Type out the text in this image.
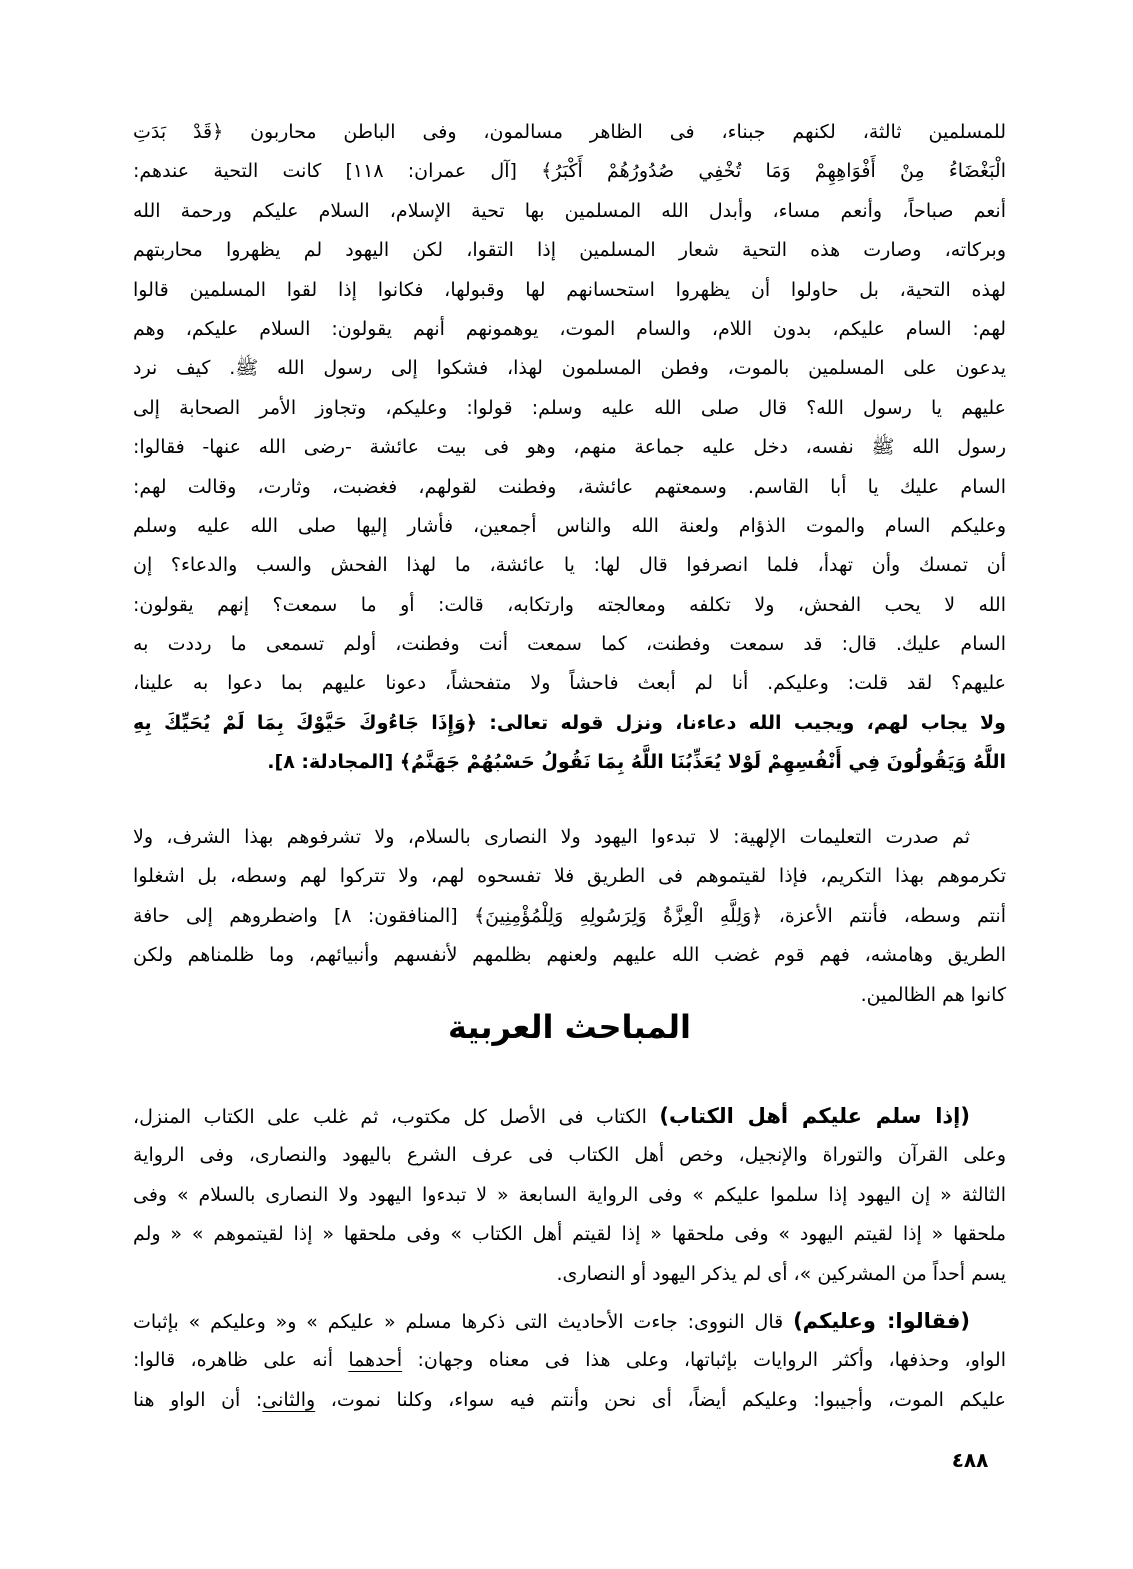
للمسلمين ثالثة، لكنهم جبناء، فى الظاهر مسالمون، وفى الباطن محاربون ﴿قَدْ بَدَتِ
الْبَغْضَاءُ مِنْ أَفْوَاهِهِمْ وَمَا تُخْفِي صُدُورُهُمْ أَكْبَرُ﴾ [آل عمران: ١١٨] كانت التحية عندهم:
أنعم صباحاً، وأنعم مساء، وأبدل الله المسلمين بها تحية الإسلام، السلام عليكم ورحمة الله
وبركاته، وصارت هذه التحية شعار المسلمين إذا التقوا، لكن اليهود لم يظهروا محاربتهم
لهذه التحية، بل حاولوا أن يظهروا استحسانهم لها وقبولها، فكانوا إذا لقوا المسلمين قالوا
لهم: السام عليكم، بدون اللام، والسام الموت، يوهمونهم أنهم يقولون: السلام عليكم، وهم
يدعون على المسلمين بالموت، وفطن المسلمون لهذا، فشكوا إلى رسول الله ﷺ. كيف نرد
عليهم يا رسول الله؟ قال صلى الله عليه وسلم: قولوا: وعليكم، وتجاوز الأمر الصحابة إلى
رسول الله ﷺ نفسه، دخل عليه جماعة منهم، وهو فى بيت عائشة -رضى الله عنها- فقالوا:
السام عليك يا أبا القاسم. وسمعتهم عائشة، وفطنت لقولهم، فغضبت، وثارت، وقالت لهم:
وعليكم السام والموت الذؤام ولعنة الله والناس أجمعين، فأشار إليها صلى الله عليه وسلم
أن تمسك وأن تهدأ، فلما انصرفوا قال لها: يا عائشة، ما لهذا الفحش والسب والدعاء؟ إن
الله لا يحب الفحش، ولا تكلفه ومعالجته وارتكابه، قالت: أو ما سمعت؟ إنهم يقولون:
السام عليك. قال: قد سمعت وفطنت، كما سمعت أنت وفطنت، أولم تسمعى ما رددت به
عليهم؟ لقد قلت: وعليكم. أنا لم أبعث فاحشاً ولا متفحشاً، دعونا عليهم بما دعوا به علينا،
ولا يجاب لهم، ويجيب الله دعاءنا، ونزل قوله تعالى: ﴿وَإِذَا جَاءُوكَ حَيَّوْكَ بِمَا لَمْ يُحَيِّكَ بِهِ
اللَّهُ وَيَقُولُونَ فِي أَنْفُسِهِمْ لَوْلا يُعَذِّبُنَا اللَّهُ بِمَا نَقُولُ حَسْبُهُمْ جَهَنَّمُ﴾ [المجادلة: ٨].
ثم صدرت التعليمات الإلهية: لا تبدءوا اليهود ولا النصارى بالسلام، ولا تشرفوهم بهذا الشرف، ولا
تكرموهم بهذا التكريم، فإذا لقيتموهم فى الطريق فلا تفسحوه لهم، ولا تتركوا لهم وسطه، بل اشغلوا
أنتم وسطه، فأنتم الأعزة، ﴿وَلِلَّهِ الْعِزَّةُ وَلِرَسُولِهِ وَلِلْمُؤْمِنِينَ﴾ [المنافقون: ٨] واضطروهم إلى حافة
الطريق وهامشه، فهم قوم غضب الله عليهم ولعنهم بظلمهم لأنفسهم وأنبيائهم، وما ظلمناهم ولكن
كانوا هم الظالمين.
المباحث العربية
(إذا سلم عليكم أهل الكتاب) الكتاب فى الأصل كل مكتوب، ثم غلب على الكتاب المنزل،
وعلى القرآن والتوراة والإنجيل، وخص أهل الكتاب فى عرف الشرع باليهود والنصارى، وفى الرواية
الثالثة « إن اليهود إذا سلموا عليكم » وفى الرواية السابعة « لا تبدءوا اليهود ولا النصارى بالسلام » وفى
ملحقها « إذا لقيتم اليهود » وفى ملحقها « إذا لقيتم أهل الكتاب » وفى ملحقها « إذا لقيتموهم » « ولم
يسم أحداً من المشركين »، أى لم يذكر اليهود أو النصارى.
(فقالوا: وعليكم) قال النووى: جاءت الأحاديث التى ذكرها مسلم « عليكم » و« وعليكم » بإثبات
الواو، وحذفها، وأكثر الروايات بإثباتها، وعلى هذا فى معناه وجهان: أحدهما أنه على ظاهره، قالوا:
عليكم الموت، وأجيبوا: وعليكم أيضاً، أى نحن وأنتم فيه سواء، وكلنا نموت، والثانى: أن الواو هنا
٤٨٨
